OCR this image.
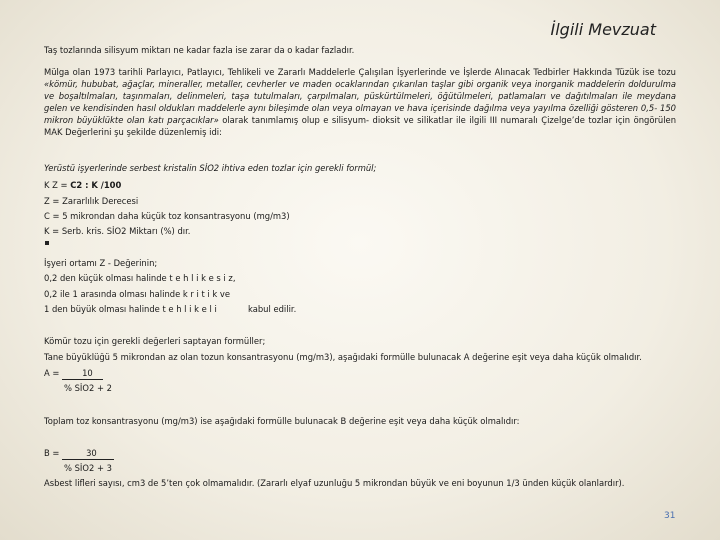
İlgili Mevzuat

Taş tozlarında silisyum miktarı ne kadar fazla ise zarar da o kadar fazladır.

Mülga olan 1973 tarihli Parlayıcı, Patlayıcı, Tehlikeli ve Zararlı Maddelerle Çalışılan İşyerlerinde ve İşlerde Alınacak Tedbirler Hakkında Tüzük ise tozu «kömür, hububat, ağaçlar, mineraller, metaller, cevherler ve maden ocaklarından çıkarılan taşlar gibi organik veya inorganik maddelerin doldurulma ve boşaltılmaları, taşınmaları, delinmeleri, taşa tutulmaları, çarpılmaları, püskürtülmeleri, öğütülmeleri, patlamaları ve dağıtılmaları ile meydana gelen ve kendisinden hasıl oldukları maddelerle aynı bileşimde olan veya olmayan ve hava içerisinde dağılma veya yayılma özelliği gösteren 0,5- 150 mikron büyüklükte olan katı parçacıklar» olarak tanımlamış olup e silisyum- dioksit ve silikatlar ile ilgili III numaralı Çizelge’de tozlar için öngörülen MAK Değerlerini şu şekilde düzenlemiş idi:

Yerüstü işyerlerinde serbest kristalin SİO2 ihtiva eden tozlar için gerekli formül;
K Z = C2 : K /100
Z = Zararlılık Derecesi
C = 5 mikrondan daha küçük toz konsantrasyonu (mg/m3)
K = Serb. kris. SİO2 Miktarı (%) dır.
İşyeri ortamı Z - Değerinin;
0,2 den küçük olması halinde t e h l i k e s i z,
0,2 ile 1 arasında olması halinde k r i t i k ve
1 den büyük olması halinde t e h l i k e l i	kabul edilir.
Kömür tozu için gerekli değerleri saptayan formüller;
Tane büyüklüğü 5 mikrondan az olan tozun konsantrasyonu (mg/m3), aşağıdaki formülle bulunacak A değerine eşit veya daha küçük olmalıdır.
A = 10
% SİO2 + 2
Toplam toz konsantrasyonu (mg/m3) ise aşağıdaki formülle bulunacak B değerine eşit veya daha küçük olmalıdır:
B =	30
% SİO2 + 3
Asbest lifleri sayısı, cm3 de 5’ten çok olmamalıdır. (Zararlı elyaf uzunluğu 5 mikrondan büyük ve eni boyunun 1/3 ünden küçük olanlardır).
31
